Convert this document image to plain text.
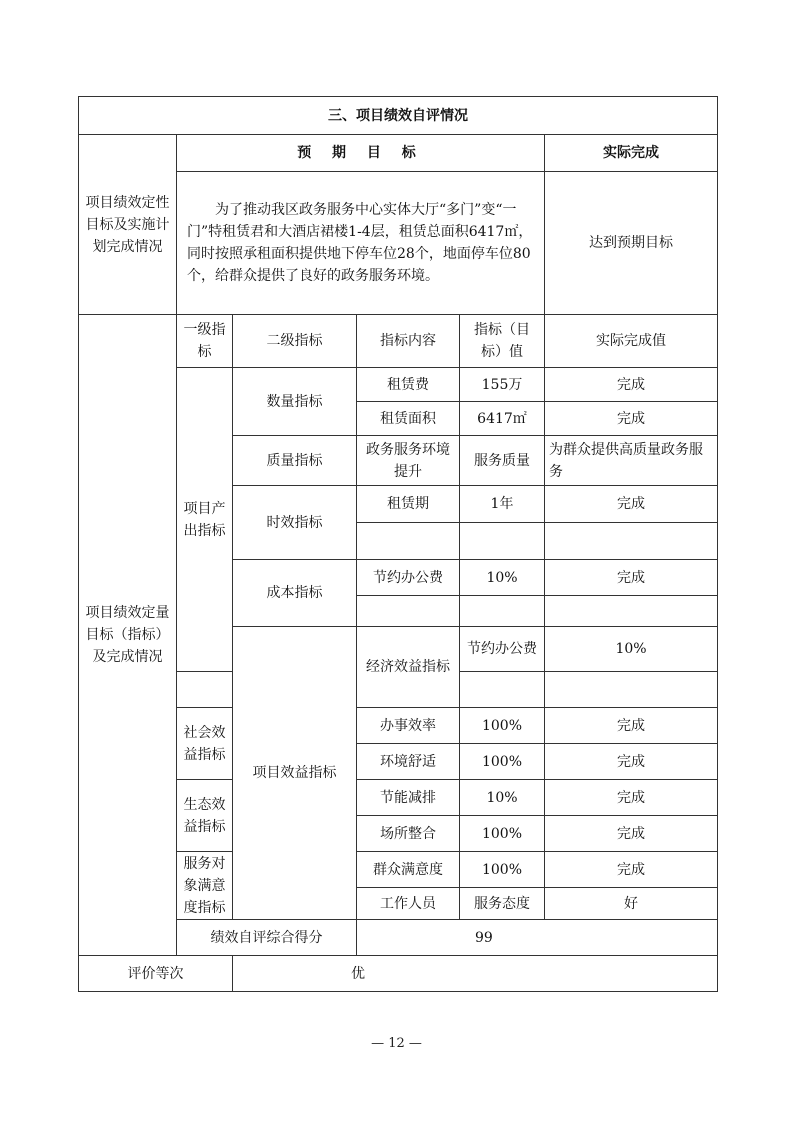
三、项目绩效自评情况						
项目绩效定性目标及实施计划完成情况	预 期 目 标				实际完成	
	为了推动我区政务服务中心实体大厅“多门”变“一门”特租赁君和大酒店裙楼1-4层，租赁总面积6417㎡，同时按照承租面积提供地下停车位28个，地面停车位80个，给群众提供了良好的政务服务环境。				达到预期目标	
项目绩效定量目标（指标）及完成情况	一级指标	二级指标	指标内容	指标（目标）值	实际完成值	
	项目产出指标	数量指标	租赁费	155万	完成	
			租赁面积	6417㎡	完成	
		质量指标	政务服务环境提升	服务质量	为群众提供高质量政务服务	
		时效指标	租赁期	1年	完成	

		成本指标	节约办公费	10%	完成	

		项目效益指标	经济效益指标	节约办公费	10%	

	社会效益指标		办事效率	100%	完成	
			环境舒适	100%	完成	
	生态效益指标		节能减排	10%	完成	
			场所整合	100%	完成	
	服务对象满意度指标		群众满意度	100%	完成	
			工作人员	服务态度	好	
	绩效自评综合得分		99			
评价等次		优				
— 12 —
